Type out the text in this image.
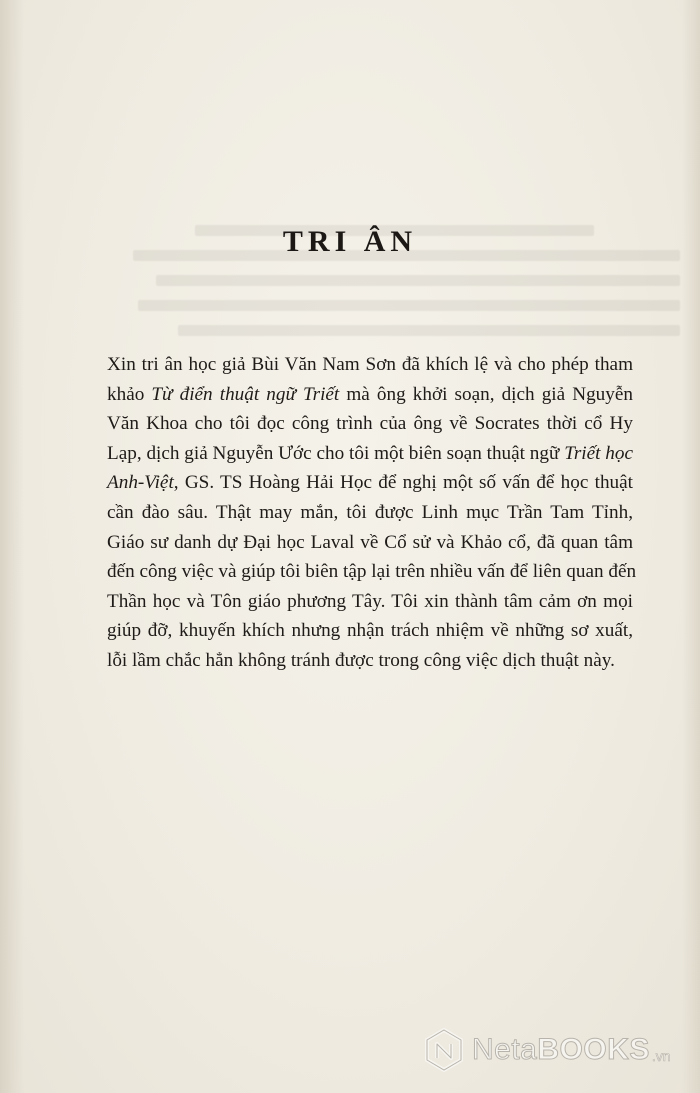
TRI ÂN
Xin tri ân học giả Bùi Văn Nam Sơn đã khích lệ và cho phép tham
khảo Từ điển thuật ngữ Triết mà ông khởi soạn, dịch giả Nguyễn
Văn Khoa cho tôi đọc công trình của ông về Socrates thời cổ Hy
Lạp, dịch giả Nguyễn Ước cho tôi một biên soạn thuật ngữ Triết học
Anh-Việt, GS. TS Hoàng Hải Học để nghị một số vấn để học thuật
cần đào sâu. Thật may mắn, tôi được Linh mục Trần Tam Tỉnh,
Giáo sư danh dự Đại học Laval về Cổ sử và Khảo cổ, đã quan tâm
đến công việc và giúp tôi biên tập lại trên nhiều vấn để liên quan đến
Thần học và Tôn giáo phương Tây. Tôi xin thành tâm cảm ơn mọi
giúp đỡ, khuyến khích nhưng nhận trách nhiệm về những sơ xuất,
lỗi lầm chắc hẳn không tránh được trong công việc dịch thuật này.
NetaBOOKS .vn
